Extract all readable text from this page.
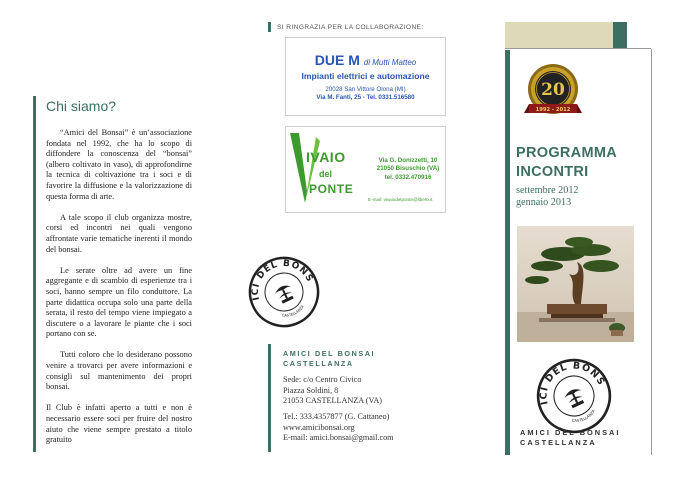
Chi siamo?

“Amici del Bonsai” è un’associazione fondata nel 1992, che ha lo scopo di diffondere la conoscenza del “bonsai” (albero coltivato in vaso), di approfondirne la tecnica di coltivazione tra i soci e di favorire la diffusione e la valorizzazione di questa forma di arte.

A tale scopo il club organizza mostre, corsi ed incontri nei quali vengono affrontate varie tematiche inerenti il mondo del bonsai.

Le serate oltre ad avere un fine aggregante e di scambio di esperienze tra i soci, hanno sempre un filo conduttore. La parte didattica occupa solo una parte della serata, il resto del tempo viene impiegato a discutere o a lavorare le piante che i soci portano con se.

Tutti coloro che lo desiderano possono venire a trovarci per avere informazioni e consigli sul mantenimento dei propri bonsai.

Il Club è infatti aperto a tutti e non è necessario essere soci per fruire del nostro aiuto che viene sempre prestato a titolo gratuito

SI RINGRAZIA PER LA COLLABORAZIONE:
DUE M di Mutti Matteo
Impianti elettrici e automazione
20028 San Vittore Olona (MI)
Via M. Fanti, 25 - Tel. 0331.516580
IVAIO
del
PONTE
Via G. Donizzetti, 10
21050 Bisuschio (VA)
tel. 0332.470916
E-mail: vivaiodelponte@libero.it
AMICI DEL BONSAI
CASTELLANZA
AMICI DEL BONSAI
CASTELLANZA
Sede: c/o Centro Civico
Piazza Soldini, 8
21053 CASTELLANZA (VA)
Tel.: 333.4357877 (G. Cattaneo)
www.amicibonsai.org
E-mail: amici.bonsai@gmail.com
20
1992 - 2012
PROGRAMMA
INCONTRI
settembre 2012
gennaio 2013
AMICI DEL BONSAI
CASTELLANZA
AMICI DEL BONSAI
CASTELLANZA
